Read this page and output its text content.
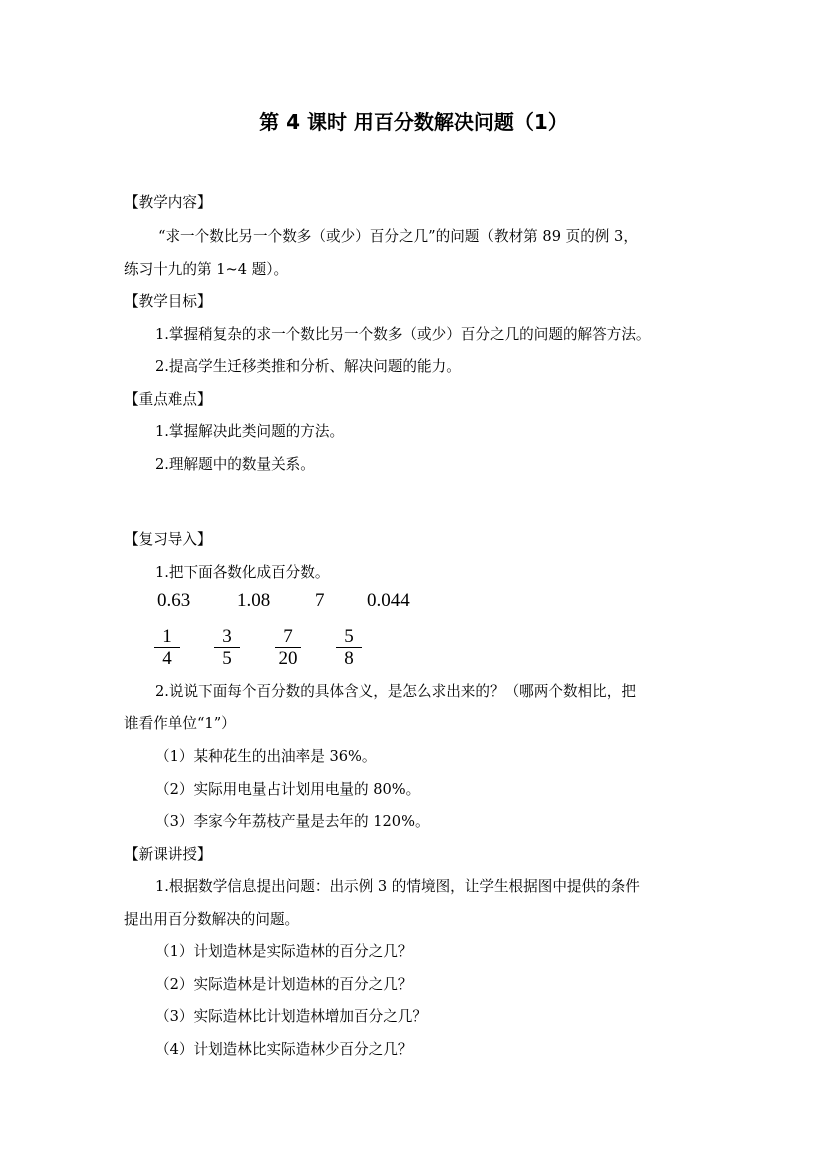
第 4 课时 用百分数解决问题（1）
【教学内容】
“求一个数比另一个数多（或少）百分之几”的问题（教材第 89 页的例 3，
练习十九的第 1~4 题）。
【教学目标】
1.掌握稍复杂的求一个数比另一个数多（或少）百分之几的问题的解答方法。
2.提高学生迁移类推和分析、解决问题的能力。
【重点难点】
1.掌握解决此类问题的方法。
2.理解题中的数量关系。
【复习导入】
1.把下面各数化成百分数。
0.63 1.08 7 0.044
1
4
3
5
7
20
5
8
2.说说下面每个百分数的具体含义，是怎么求出来的？（哪两个数相比，把
谁看作单位“1”）
（1）某种花生的出油率是 36%。
（2）实际用电量占计划用电量的 80%。
（3）李家今年荔枝产量是去年的 120%。
【新课讲授】
1.根据数学信息提出问题：出示例 3 的情境图，让学生根据图中提供的条件
提出用百分数解决的问题。
（1）计划造林是实际造林的百分之几？
（2）实际造林是计划造林的百分之几？
（3）实际造林比计划造林增加百分之几？
（4）计划造林比实际造林少百分之几？
